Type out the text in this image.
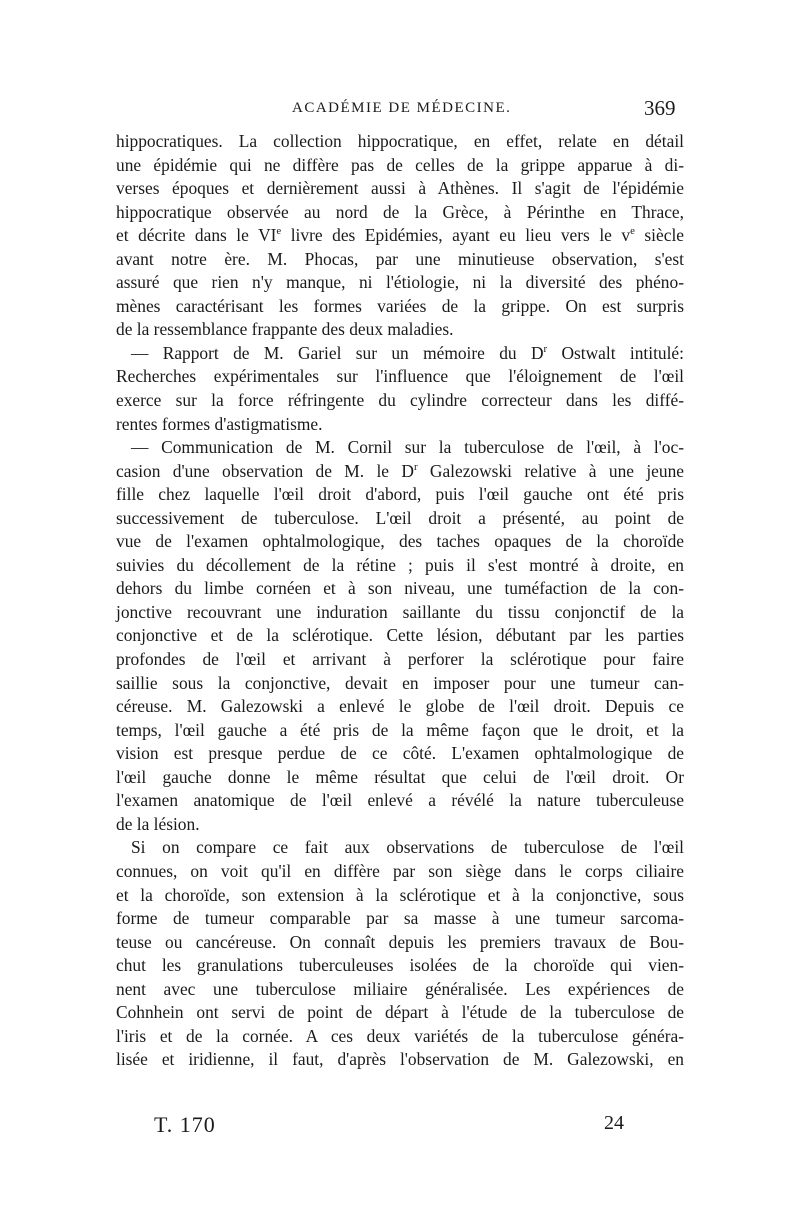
ACADÉMIE DE MÉDECINE.	369
hippocratiques. La collection hippocratique, en effet, relate en détail
une épidémie qui ne diffère pas de celles de la grippe apparue à di-
verses époques et dernièrement aussi à Athènes. Il s'agit de l'épidémie
hippocratique observée au nord de la Grèce, à Périnthe en Thrace,
et décrite dans le VIe livre des Epidémies, ayant eu lieu vers le $v^e$ siècle
avant notre ère. M. Phocas, par une minutieuse observation, s'est
assuré que rien n'y manque, ni l'étiologie, ni la diversité des phéno-
mènes caractérisant les formes variées de la grippe. On est surpris
de la ressemblance frappante des deux maladies.
— Rapport de M. Gariel sur un mémoire du $D^r$ Ostwalt intitulé:
Recherches expérimentales sur l'influence que l'éloignement de l'œil
exerce sur la force réfringente du cylindre correcteur dans les diffé-
rentes formes d'astigmatisme.
— Communication de M. Cornil sur la tuberculose de l'œil, à l'oc-
casion d'une observation de M. le $D^r$ Galezowski relative à une jeune
fille chez laquelle l'œil droit d'abord, puis l'œil gauche ont été pris
successivement de tuberculose. L'œil droit a présenté, au point de
vue de l'examen ophtalmologique, des taches opaques de la choroïde
suivies du décollement de la rétine ; puis il s'est montré à droite, en
dehors du limbe cornéen et à son niveau, une tuméfaction de la con-
jonctive recouvrant une induration saillante du tissu conjonctif de la
conjonctive et de la sclérotique. Cette lésion, débutant par les parties
profondes de l'œil et arrivant à perforer la sclérotique pour faire
saillie sous la conjonctive, devait en imposer pour une tumeur can-
céreuse. M. Galezowski a enlevé le globe de l'œil droit. Depuis ce
temps, l'œil gauche a été pris de la même façon que le droit, et la
vision est presque perdue de ce côté. L'examen ophtalmologique de
l'œil gauche donne le même résultat que celui de l'œil droit. Or
l'examen anatomique de l'œil enlevé a révélé la nature tuberculeuse
de la lésion.
Si on compare ce fait aux observations de tuberculose de l'œil
connues, on voit qu'il en diffère par son siège dans le corps ciliaire
et la choroïde, son extension à la sclérotique et à la conjonctive, sous
forme de tumeur comparable par sa masse à une tumeur sarcoma-
teuse ou cancéreuse. On connaît depuis les premiers travaux de Bou-
chut les granulations tuberculeuses isolées de la choroïde qui vien-
nent avec une tuberculose miliaire généralisée. Les expériences de
Cohnhein ont servi de point de départ à l'étude de la tuberculose de
l'iris et de la cornée. A ces deux variétés de la tuberculose généra-
lisée et iridienne, il faut, d'après l'observation de M. Galezowski, en
T. 170	24
